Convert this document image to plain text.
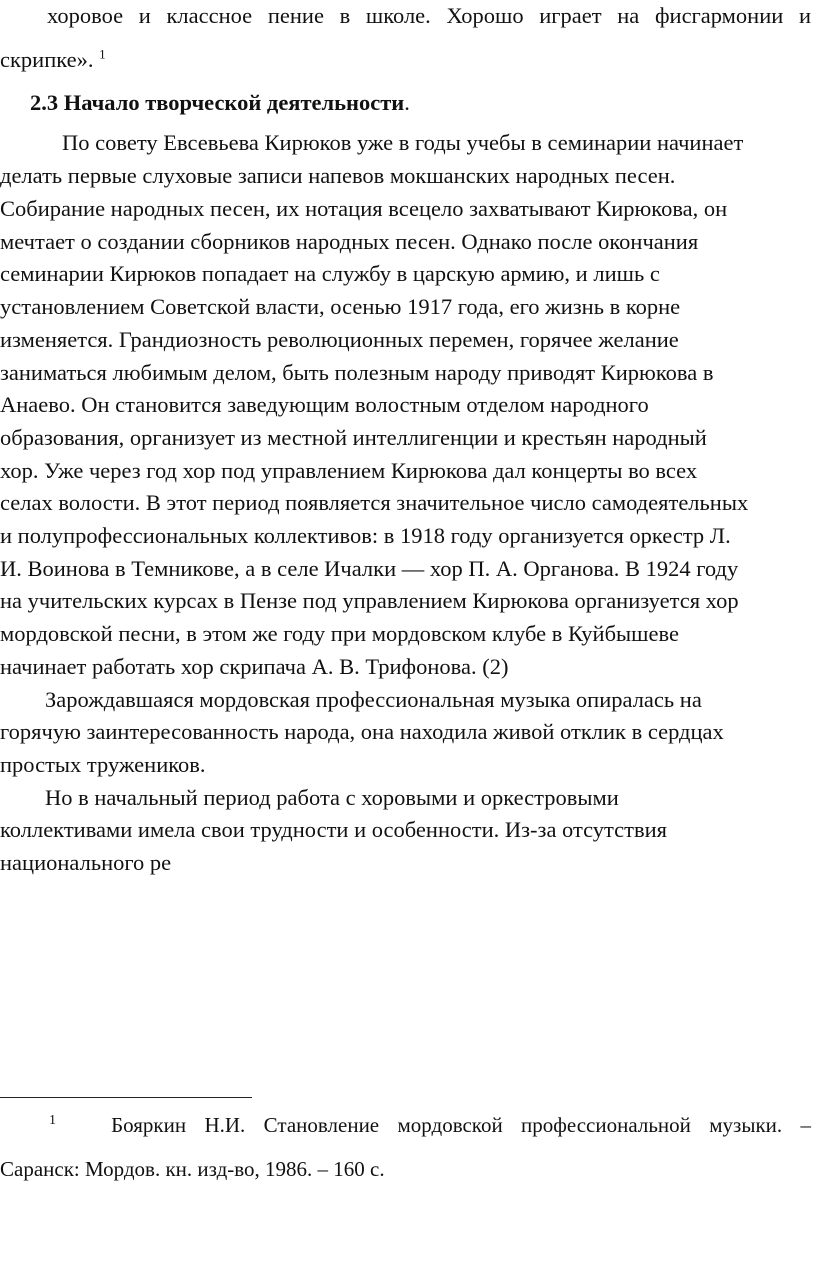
хоровое и классное пение в школе. Хорошо играет на фисгармонии и
скрипке». $^1$
2.3 Начало творческой деятельности.
По совету Евсевьева Кирюков уже в годы учебы в семинарии начинает
делать первые слуховые записи напевов мокшанских народных песен.
Собирание народных песен, их нотация всецело захватывают Кирюкова, он
мечтает о создании сборников народных песен. Однако после окончания
семинарии Кирюков попадает на службу в царскую армию, и лишь с
установлением Советской власти, осенью 1917 года, его жизнь в корне
изменяется. Грандиозность революционных перемен, горячее желание
заниматься любимым делом, быть полезным народу приводят Кирюкова в
Анаево. Он становится заведующим волостным отделом народного
образования, организует из местной интеллигенции и крестьян народный
хор. Уже через год хор под управлением Кирюкова дал концерты во всех
селах волости. В этот период появляется значительное число самодеятельных
и полупрофессиональных коллективов: в 1918 году организуется оркестр Л.
И. Воинова в Темникове, а в селе Ичалки — хор П. А. Органова. В 1924 году
на учительских курсах в Пензе под управлением Кирюкова организуется хор
мордовской песни, в этом же году при мордовском клубе в Куйбышеве
начинает работать хор скрипача А. В. Трифонова. (2)
Зарождавшаяся мордовская профессиональная музыка опиралась на
горячую заинтересованность народа, она находила живой отклик в сердцах
простых тружеников.
Но в начальный период работа с хоровыми и оркестровыми
коллективами имела свои трудности и особенности. Из-за отсутствия
национального ре
$^1$	Бояркин Н.И. Становление мордовской профессиональной музыки. –
Саранск: Мордов. кн. изд-во, 1986. – 160 с.
